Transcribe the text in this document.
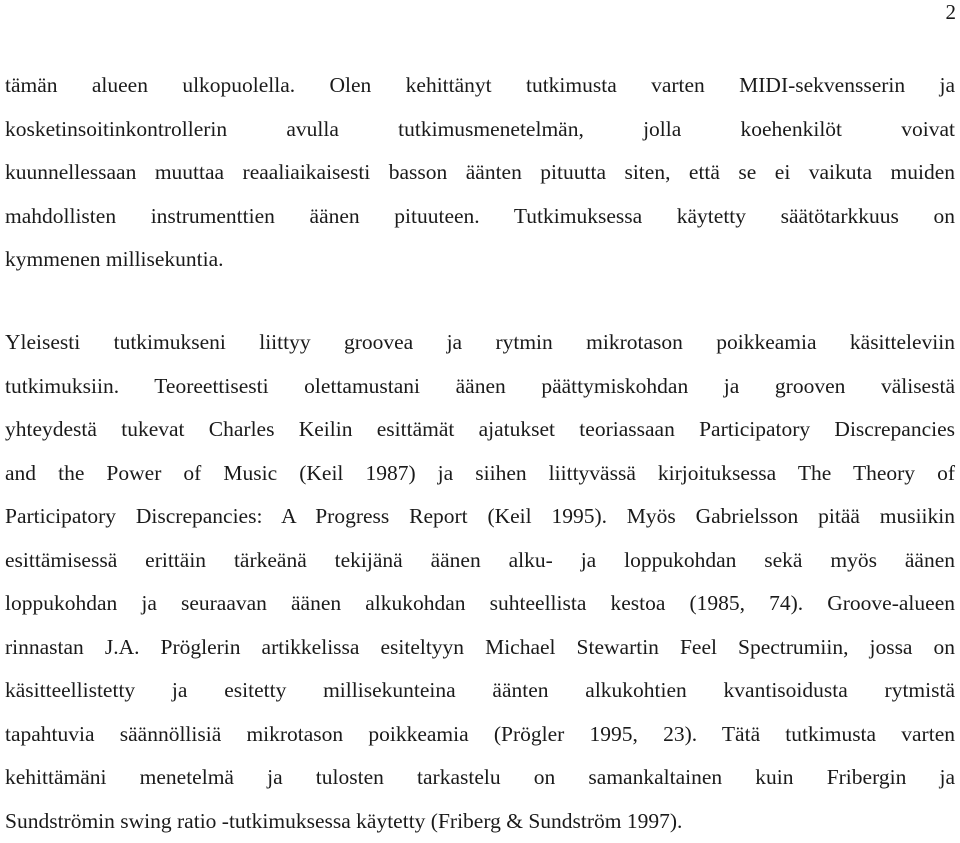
2
tämän alueen ulkopuolella. Olen kehittänyt tutkimusta varten MIDI-sekvensserin ja
kosketinsoitinkontrollerin avulla tutkimusmenetelmän, jolla koehenkilöt voivat
kuunnellessaan muuttaa reaaliaikaisesti basson äänten pituutta siten, että se ei vaikuta muiden
mahdollisten instrumenttien äänen pituuteen. Tutkimuksessa käytetty säätötarkkuus on
kymmenen millisekuntia.
Yleisesti tutkimukseni liittyy groovea ja rytmin mikrotason poikkeamia käsitteleviin
tutkimuksiin. Teoreettisesti olettamustani äänen päättymiskohdan ja grooven välisestä
yhteydestä tukevat Charles Keilin esittämät ajatukset teoriassaan Participatory Discrepancies
and the Power of Music (Keil 1987) ja siihen liittyvässä kirjoituksessa The Theory of
Participatory Discrepancies: A Progress Report (Keil 1995). Myös Gabrielsson pitää musiikin
esittämisessä erittäin tärkeänä tekijänä äänen alku- ja loppukohdan sekä myös äänen
loppukohdan ja seuraavan äänen alkukohdan suhteellista kestoa (1985, 74). Groove-alueen
rinnastan J.A. Pröglerin artikkelissa esiteltyyn Michael Stewartin Feel Spectrumiin, jossa on
käsitteellistetty ja esitetty millisekunteina äänten alkukohtien kvantisoidusta rytmistä
tapahtuvia säännöllisiä mikrotason poikkeamia (Prögler 1995, 23). Tätä tutkimusta varten
kehittämäni menetelmä ja tulosten tarkastelu on samankaltainen kuin Fribergin ja
Sundströmin swing ratio -tutkimuksessa käytetty (Friberg & Sundström 1997).
